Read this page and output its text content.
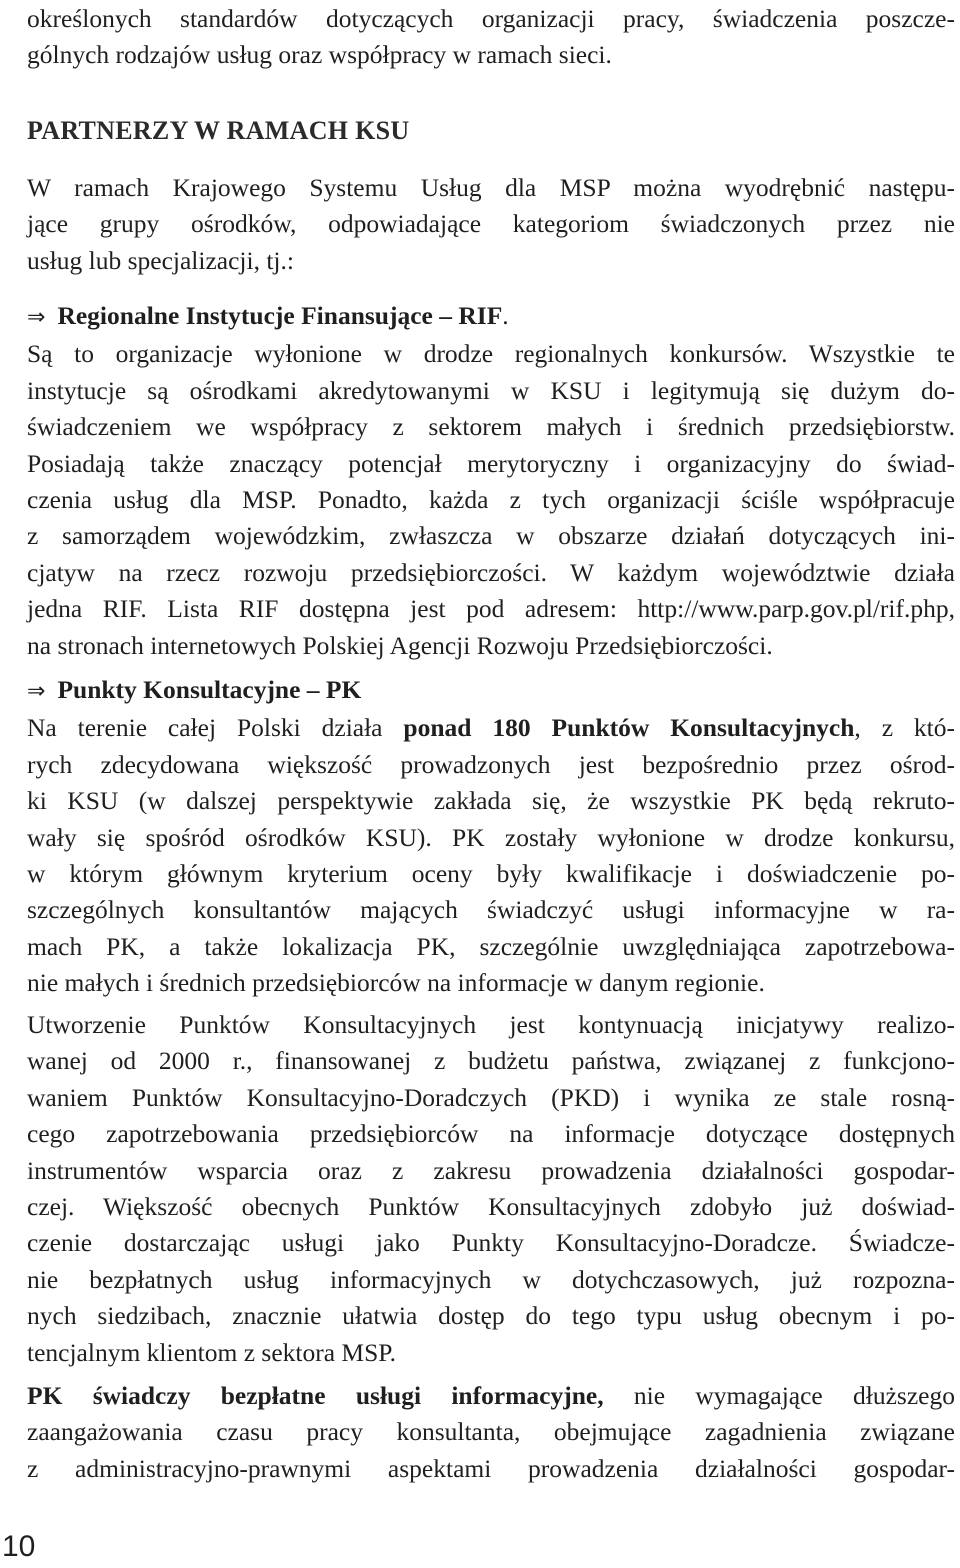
określonych standardów dotyczących organizacji pracy, świadczenia poszcze-
gólnych rodzajów usług oraz współpracy w ramach sieci.
PARTNERZY W RAMACH KSU
W ramach Krajowego Systemu Usług dla MSP można wyodrębnić następu-
jące grupy ośrodków, odpowiadające kategoriom świadczonych przez nie
usług lub specjalizacji, tj.:
⇒ Regionalne Instytucje Finansujące – RIF.
Są to organizacje wyłonione w drodze regionalnych konkursów. Wszystkie te
instytucje są ośrodkami akredytowanymi w KSU i legitymują się dużym do-
świadczeniem we współpracy z sektorem małych i średnich przedsiębiorstw.
Posiadają także znaczący potencjał merytoryczny i organizacyjny do świad-
czenia usług dla MSP. Ponadto, każda z tych organizacji ściśle współpracuje
z samorządem wojewódzkim, zwłaszcza w obszarze działań dotyczących ini-
cjatyw na rzecz rozwoju przedsiębiorczości. W każdym województwie działa
jedna RIF. Lista RIF dostępna jest pod adresem: http://www.parp.gov.pl/rif.php,
na stronach internetowych Polskiej Agencji Rozwoju Przedsiębiorczości.
⇒ Punkty Konsultacyjne – PK
Na terenie całej Polski działa ponad 180 Punktów Konsultacyjnych, z któ-
rych zdecydowana większość prowadzonych jest bezpośrednio przez ośrod-
ki KSU (w dalszej perspektywie zakłada się, że wszystkie PK będą rekruto-
wały się spośród ośrodków KSU). PK zostały wyłonione w drodze konkursu,
w którym głównym kryterium oceny były kwalifikacje i doświadczenie po-
szczególnych konsultantów mających świadczyć usługi informacyjne w ra-
mach PK, a także lokalizacja PK, szczególnie uwzględniająca zapotrzebowa-
nie małych i średnich przedsiębiorców na informacje w danym regionie.
Utworzenie Punktów Konsultacyjnych jest kontynuacją inicjatywy realizo-
wanej od 2000 r., finansowanej z budżetu państwa, związanej z funkcjono-
waniem Punktów Konsultacyjno-Doradczych (PKD) i wynika ze stale rosną-
cego zapotrzebowania przedsiębiorców na informacje dotyczące dostępnych
instrumentów wsparcia oraz z zakresu prowadzenia działalności gospodar-
czej. Większość obecnych Punktów Konsultacyjnych zdobyło już doświad-
czenie dostarczając usługi jako Punkty Konsultacyjno-Doradcze. Świadcze-
nie bezpłatnych usług informacyjnych w dotychczasowych, już rozpozna-
nych siedzibach, znacznie ułatwia dostęp do tego typu usług obecnym i po-
tencjalnym klientom z sektora MSP.
PK świadczy bezpłatne usługi informacyjne, nie wymagające dłuższego
zaangażowania czasu pracy konsultanta, obejmujące zagadnienia związane
z administracyjno-prawnymi aspektami prowadzenia działalności gospodar-
10
